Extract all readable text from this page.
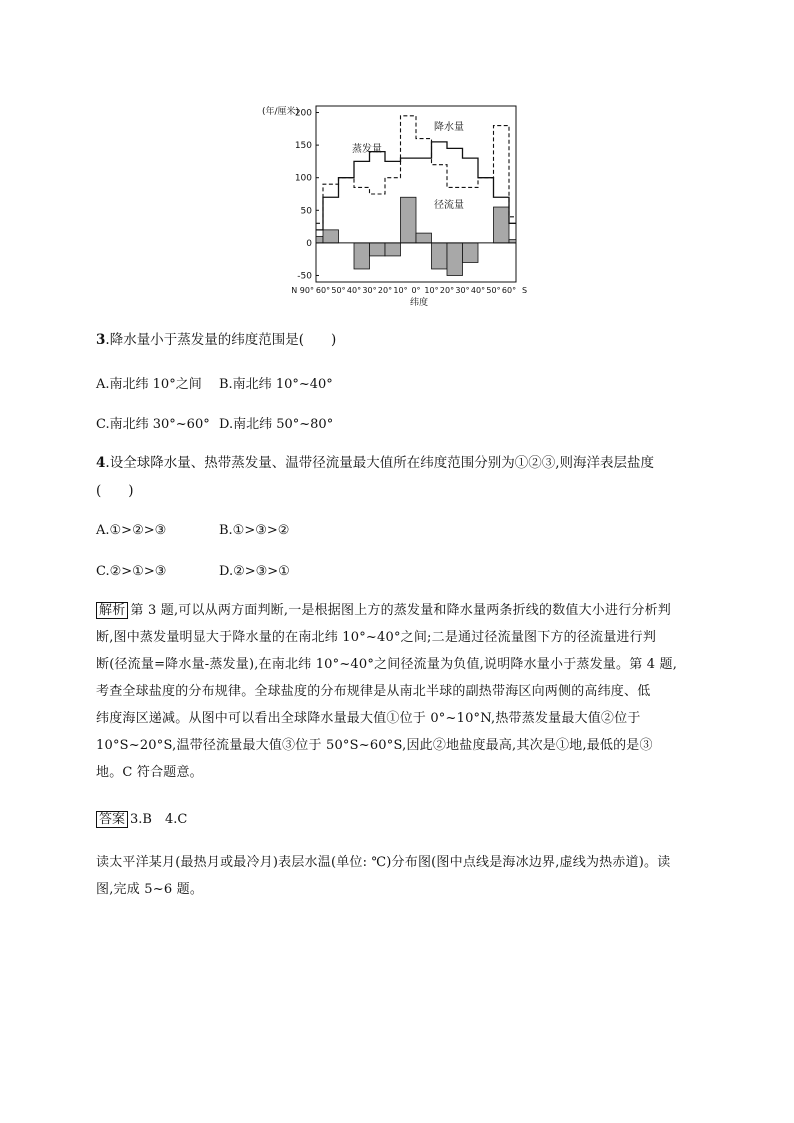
(年/厘米)
200
150
100
50
0
-50
N 90° 60° 50° 40° 30° 20° 10° 0° 10° 20° 30° 40° 50° 60° S
降水量
蒸发量
径流量
纬度
3.降水量小于蒸发量的纬度范围是(　　)
A.南北纬 10°之间 B.南北纬 10°~40°
C.南北纬 30°~60° D.南北纬 50°~80°
4.设全球降水量、热带蒸发量、温带径流量最大值所在纬度范围分别为①②③,则海洋表层盐度
(　　)
A.①>②>③	B.①>③>②
C.②>①>③	D.②>③>①
解析 第 3 题,可以从两方面判断,一是根据图上方的蒸发量和降水量两条折线的数值大小进行分析判
断,图中蒸发量明显大于降水量的在南北纬 10°~40°之间;二是通过径流量图下方的径流量进行判
断(径流量=降水量-蒸发量),在南北纬 10°~40°之间径流量为负值,说明降水量小于蒸发量。第 4 题,
考查全球盐度的分布规律。全球盐度的分布规律是从南北半球的副热带海区向两侧的高纬度、低
纬度海区递减。从图中可以看出全球降水量最大值①位于 0°~10°N,热带蒸发量最大值②位于
10°S~20°S,温带径流量最大值③位于 50°S~60°S,因此②地盐度最高,其次是①地,最低的是③
地。C 符合题意。
答案 3.B　4.C
读太平洋某月(最热月或最冷月)表层水温(单位: ℃)分布图(图中点线是海冰边界,虚线为热赤道)。读
图,完成 5~6 题。
